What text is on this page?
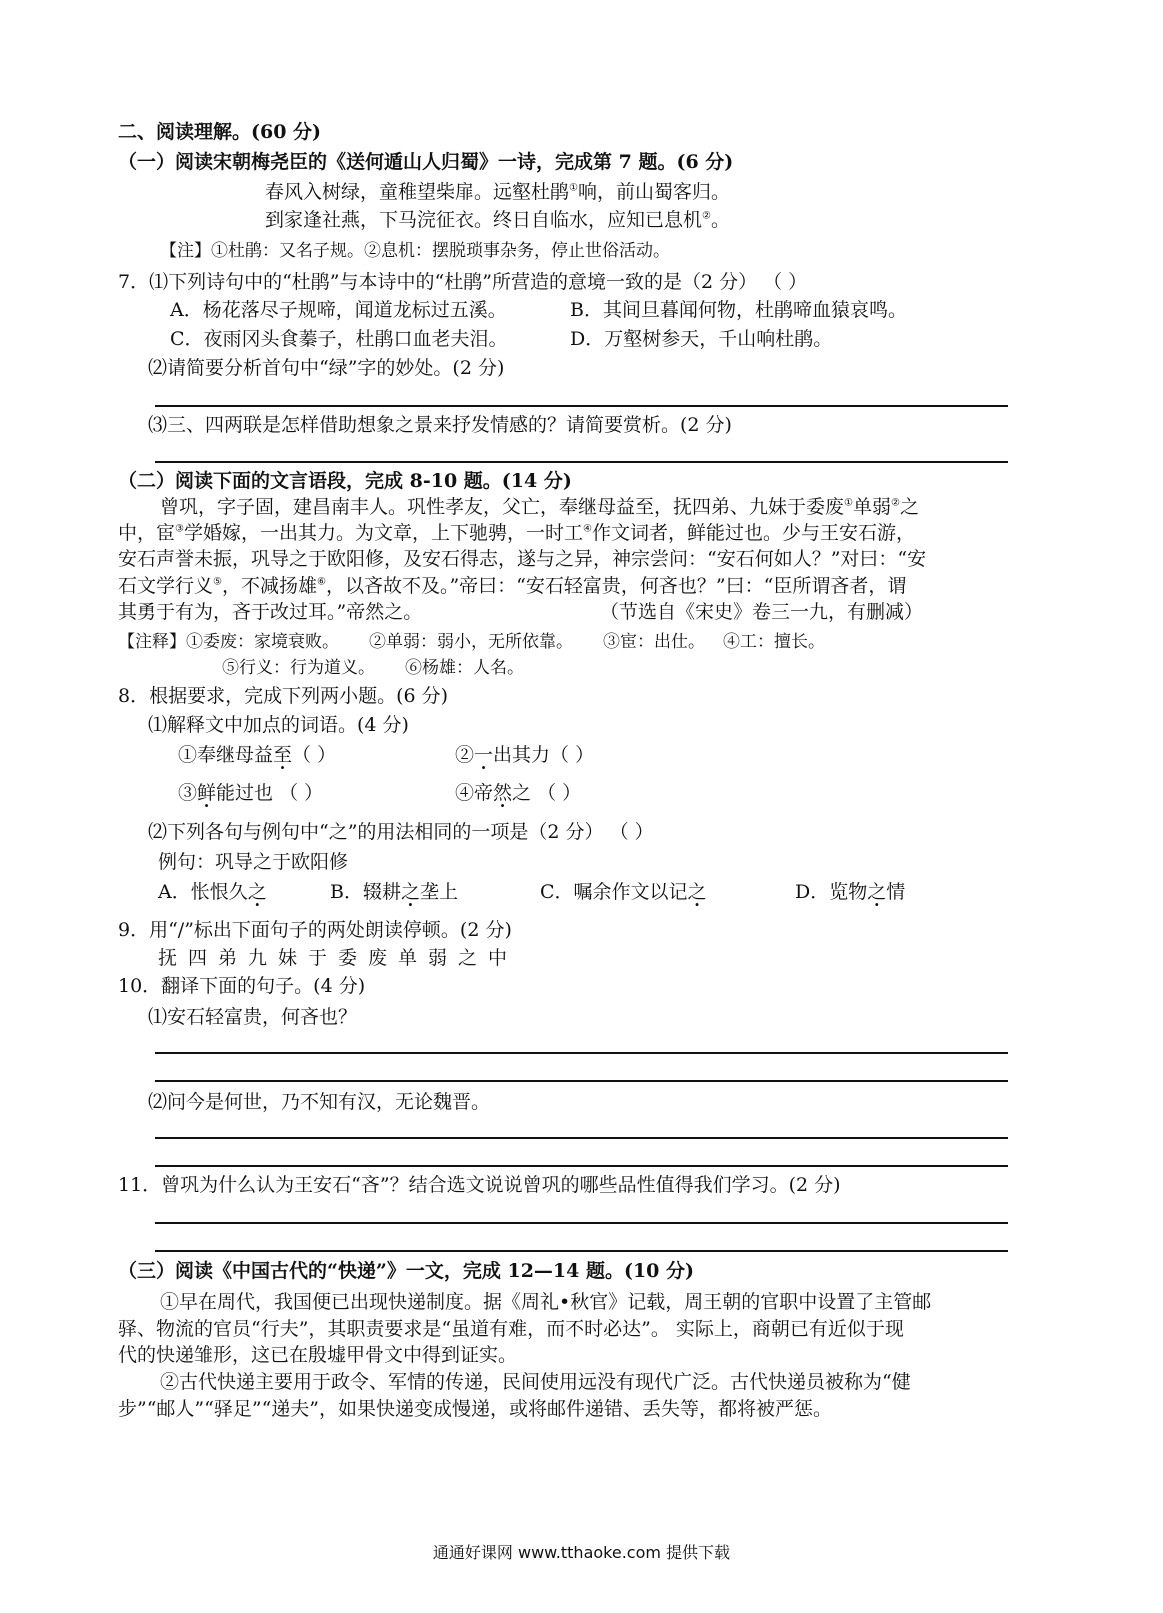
二、阅读理解。(60 分)
（一）阅读宋朝梅尧臣的《送何遁山人归蜀》一诗，完成第 7 题。(6 分)
春风入树绿，童稚望柴扉。远壑杜鹃①响，前山蜀客归。
到家逢社燕，下马浣征衣。终日自临水，应知已息机②。
【注】①杜鹃：又名子规。②息机：摆脱琐事杂务，停止世俗活动。
7．⑴下列诗句中的“杜鹃”与本诗中的“杜鹃”所营造的意境一致的是（2 分） （ ）
A．杨花落尽子规啼，闻道龙标过五溪。	B．其间旦暮闻何物，杜鹃啼血猿哀鸣。
C．夜雨冈头食蓁子，杜鹃口血老夫泪。	D．万壑树参天，千山响杜鹃。
⑵请简要分析首句中“绿”字的妙处。(2 分)
⑶三、四两联是怎样借助想象之景来抒发情感的？请简要赏析。(2 分)
（二）阅读下面的文言语段，完成 8-10 题。(14 分)
曾巩，字子固，建昌南丰人。巩性孝友，父亡，奉继母益至，抚四弟、九妹于委废①单弱②之
中，宦③学婚嫁，一出其力。为文章，上下驰骋，一时工④作文词者，鲜能过也。少与王安石游，
安石声誉未振，巩导之于欧阳修，及安石得志，遂与之异，神宗尝问：“安石何如人？”对曰：“安
石文学行义⑤，不减扬雄⑥，以吝故不及。”帝曰：“安石轻富贵，何吝也？”曰：“臣所谓吝者，谓
其勇于有为，吝于改过耳。”帝然之。	（节选自《宋史》卷三一九，有删减）
【注释】①委废：家境衰败。 ②单弱：弱小，无所依靠。 ③宦：出仕。 ④工：擅长。
⑤行义：行为道义。 ⑥杨雄：人名。
8．根据要求，完成下列两小题。(6 分)
⑴解释文中加点的词语。(4 分)
①奉继母益至（ ）	②一出其力（ ）
③鲜能过也 （ ）	④帝然之 （ ）
⑵下列各句与例句中“之”的用法相同的一项是（2 分） （ ）
例句：巩导之于欧阳修
A．怅恨久之	B．辍耕之垄上	C．嘱余作文以记之	D．览物之情
9．用“/”标出下面句子的两处朗读停顿。(2 分)
抚四弟九妹于委废单弱之中
10．翻译下面的句子。(4 分)
⑴安石轻富贵，何吝也？
⑵问今是何世，乃不知有汉，无论魏晋。
11．曾巩为什么认为王安石“吝”？结合选文说说曾巩的哪些品性值得我们学习。(2 分)
（三）阅读《中国古代的“快递”》一文，完成 12—14 题。(10 分)
①早在周代，我国便已出现快递制度。据《周礼•秋官》记载，周王朝的官职中设置了主管邮
驿、物流的官员“行夫”，其职责要求是“虽道有难，而不时必达”。 实际上，商朝已有近似于现
代的快递雏形，这已在殷墟甲骨文中得到证实。
②古代快递主要用于政令、军情的传递，民间使用远没有现代广泛。古代快递员被称为“健
步”“邮人”“驿足”“递夫”，如果快递变成慢递，或将邮件递错、丢失等，都将被严惩。
通通好课网 www.tthaoke.com 提供下载
